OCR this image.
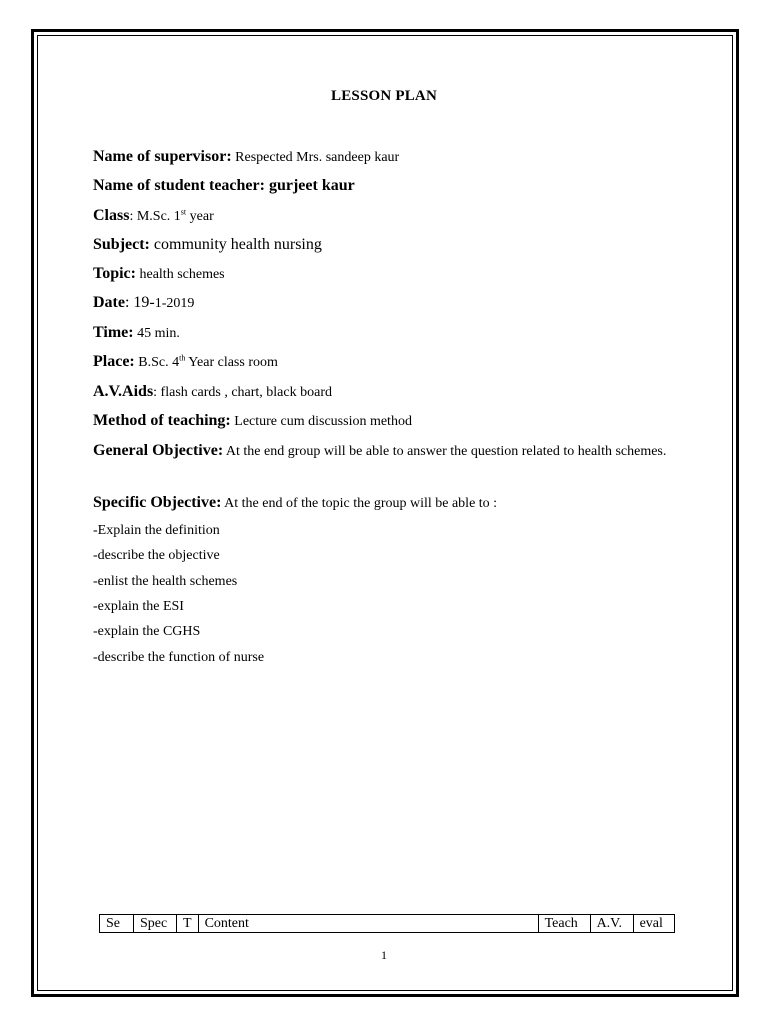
LESSON PLAN
Name of supervisor: Respected Mrs. sandeep kaur
Name of student teacher: gurjeet kaur
Class: M.Sc. 1st year
Subject: community health nursing
Topic: health schemes
Date: 19-1-2019
Time: 45 min.
Place: B.Sc. 4th Year class room
A.V.Aids: flash cards , chart, black board
Method of teaching: Lecture cum discussion method
General Objective: At the end group will be able to answer the question related to health schemes.
Specific Objective: At the end of the topic the group will be able to :
-Explain the definition
-describe the objective
-enlist the health schemes
-explain the ESI
-explain the CGHS
-describe the function of nurse
Se	Spec	T	Content	Teach	A.V.	eval
1
